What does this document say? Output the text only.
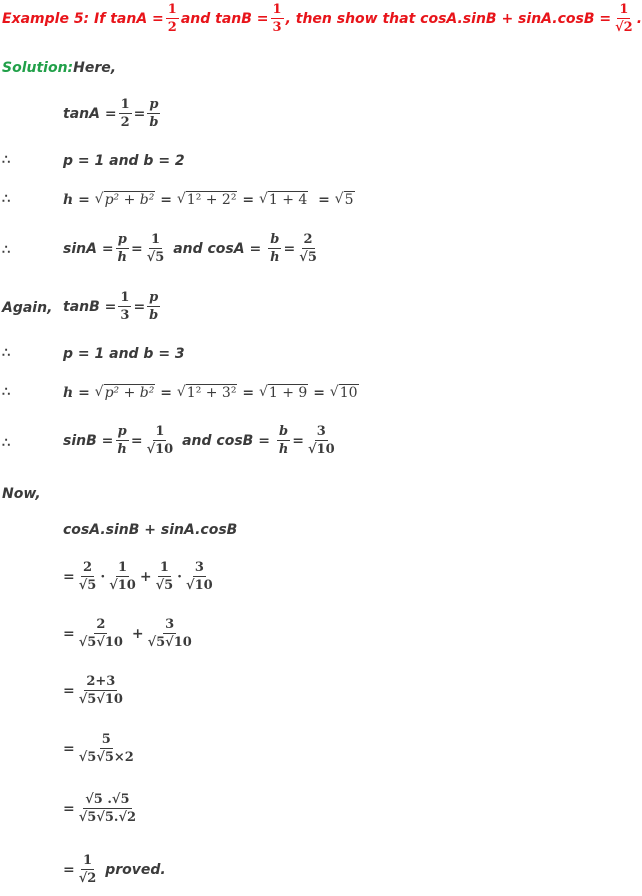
Example 5: If $\tan A = \frac{1}{2}$ and $\tan B = \frac{1}{3}$ , then show that $\cos A.\sin B + \sin A.\cos B = \frac{1}{√2}$ .
Solution: Here,
tanA
= $\frac{1}{2} = \frac{p}{b}$
∴	p = 1 and b = 2
∴	h
=
√ p² + b²
=
√ 1² + 2²
=
√ 1 + 4
=
√ 5
∴	sinA
= $\frac{p}{h} = \frac{1}{√5}$
and cosA
=
$\frac{b}{h} = \frac{2}{√5}$
Again, tanB
= $\frac{1}{3} = \frac{p}{b}$
∴	p = 1 and b = 3
∴	h
=
√ p² + b²
=
√ 1² + 3²
=
√ 1 + 9
=
√ 10
∴	sinB
= $\frac{p}{h} = \frac{1}{√10}$
and cosB
=
$\frac{b}{h} = \frac{3}{√10}$
Now,
cosA.sinB + sinA.cosB
= $\frac{2}{√5} \cdot \frac{1}{√10} + \frac{1}{√5} \cdot \frac{3}{√10}$
= $\frac{2}{√5√10}$
+ $\frac{3}{√5√10}$
= $\frac{2+3}{√5√10}$
= $\frac{5}{√5√5\times 2}$
= $\frac{√5 .√5}{√5√5.√2}$
= $\frac{1}{√2}$
proved.
